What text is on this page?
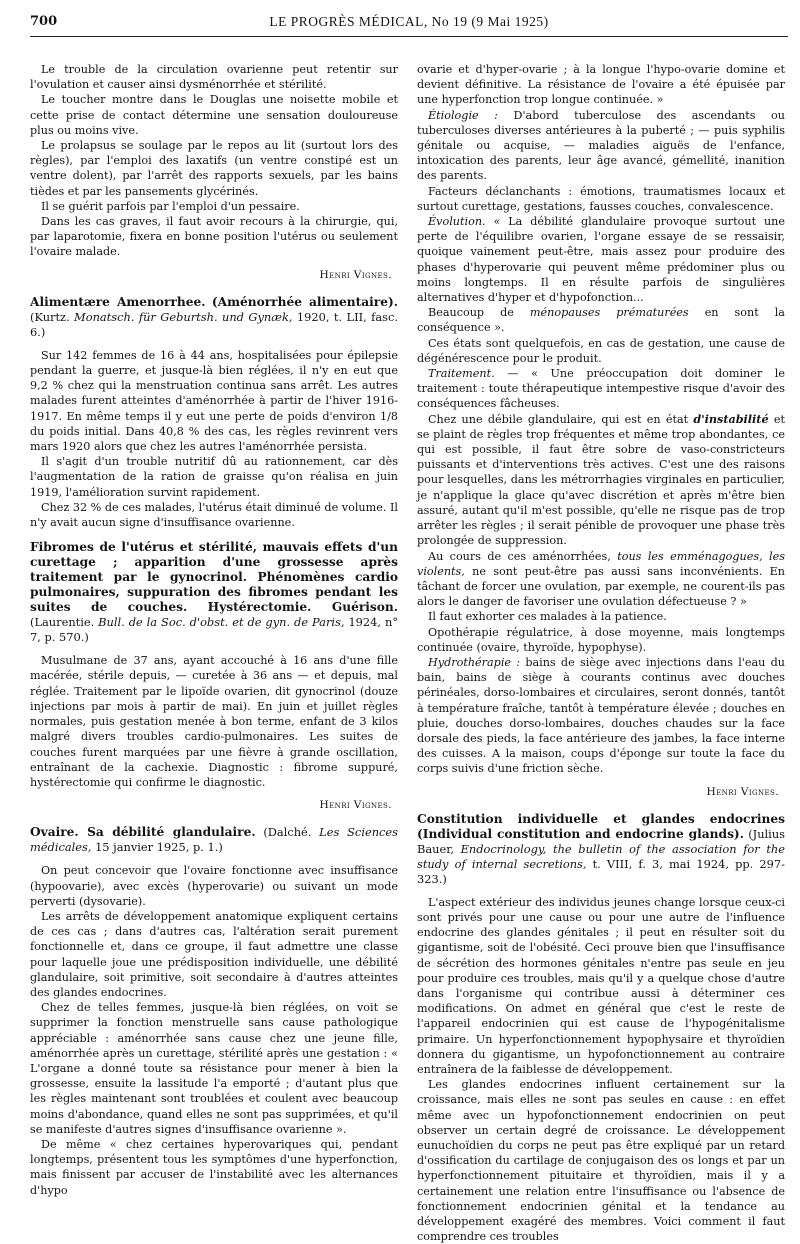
700	LE PROGRÈS MÉDICAL, No 19 (9 Mai 1925)

Le trouble de la circulation ovarienne peut retentir sur l'ovulation et causer ainsi dysménorrhée et stérilité.

Le toucher montre dans le Douglas une noisette mobile et cette prise de contact détermine une sensation douloureuse plus ou moins vive.

Le prolapsus se soulage par le repos au lit (surtout lors des règles), par l'emploi des laxatifs (un ventre constipé est un ventre dolent), par l'arrêt des rapports sexuels, par les bains tièdes et par les pansements glycérinés.

Il se guérit parfois par l'emploi d'un pessaire.

Dans les cas graves, il faut avoir recours à la chirurgie, qui, par laparotomie, fixera en bonne position l'utérus ou seulement l'ovaire malade.

Henri Vignes.
Alimentære Amenorrhee. (Aménorrhée alimentaire). (Kurtz. Monatsch. für Geburtsh. und Gynæk, 1920, t. LII, fasc. 6.)

Sur 142 femmes de 16 à 44 ans, hospitalisées pour épilepsie pendant la guerre, et jusque-là bien réglées, il n'y en eut que 9,2 % chez qui la menstruation continua sans arrêt. Les autres malades furent atteintes d'aménorrhée à partir de l'hiver 1916-1917. En même temps il y eut une perte de poids d'environ 1/8 du poids initial. Dans 40,8 % des cas, les règles revinrent vers mars 1920 alors que chez les autres l'aménorrhée persista.

Il s'agit d'un trouble nutritif dû au rationnement, car dès l'augmentation de la ration de graisse qu'on réalisa en juin 1919, l'amélioration survint rapidement.

Chez 32 % de ces malades, l'utérus était diminué de volume. Il n'y avait aucun signe d'insuffisance ovarienne.

Fibromes de l'utérus et stérilité, mauvais effets d'un curettage ; apparition d'une grossesse après traitement par le gynocrinol. Phénomènes cardio pulmonaires, suppuration des fibromes pendant les suites de couches. Hystérectomie. Guérison. (Laurentie. Bull. de la Soc. d'obst. et de gyn. de Paris, 1924, n° 7, p. 570.)

Musulmane de 37 ans, ayant accouché à 16 ans d'une fille macérée, stérile depuis, — curetée à 36 ans — et depuis, mal réglée. Traitement par le lipoïde ovarien, dit gynocrinol (douze injections par mois à partir de mai). En juin et juillet règles normales, puis gestation menée à bon terme, enfant de 3 kilos malgré divers troubles cardio-pulmonaires. Les suites de couches furent marquées par une fièvre à grande oscillation, entraînant de la cachexie. Diagnostic : fibrome suppuré, hystérectomie qui confirme le diagnostic.

Henri Vignes.
Ovaire. Sa débilité glandulaire. (Dalché. Les Sciences médicales, 15 janvier 1925, p. 1.)

On peut concevoir que l'ovaire fonctionne avec insuffisance (hypoovarie), avec excès (hyperovarie) ou suivant un mode perverti (dysovarie).

Les arrêts de développement anatomique expliquent certains de ces cas ; dans d'autres cas, l'altération serait purement fonctionnelle et, dans ce groupe, il faut admettre une classe pour laquelle joue une prédisposition individuelle, une débilité glandulaire, soit primitive, soit secondaire à d'autres atteintes des glandes endocrines.

Chez de telles femmes, jusque-là bien réglées, on voit se supprimer la fonction menstruelle sans cause pathologique appréciable : aménorrhée sans cause chez une jeune fille, aménorrhée après un curettage, stérilité après une gestation : « L'organe a donné toute sa résistance pour mener à bien la grossesse, ensuite la lassitude l'a emporté ; d'autant plus que les règles maintenant sont troublées et coulent avec beaucoup moins d'abondance, quand elles ne sont pas supprimées, et qu'il se manifeste d'autres signes d'insuffisance ovarienne ».

De même « chez certaines hyperovariques qui, pendant longtemps, présentent tous les symptômes d'une hyperfonction, mais finissent par accuser de l'instabilité avec les alternances d'hypo

ovarie et d'hyper-ovarie ; à la longue l'hypo-ovarie domine et devient définitive. La résistance de l'ovaire a été épuisée par une hyperfonction trop longue continuée. »

Étiologie : D'abord tuberculose des ascendants ou tuberculoses diverses antérieures à la puberté ; — puis syphilis génitale ou acquise, — maladies aiguës de l'enfance, intoxication des parents, leur âge avancé, gémellité, inanition des parents.

Facteurs déclanchants : émotions, traumatismes locaux et surtout curettage, gestations, fausses couches, convalescence.

Évolution. « La débilité glandulaire provoque surtout une perte de l'équilibre ovarien, l'organe essaye de se ressaisir, quoique vainement peut-être, mais assez pour produire des phases d'hyperovarie qui peuvent même prédominer plus ou moins longtemps. Il en résulte parfois de singulières alternatives d'hyper et d'hypofonction...

Beaucoup de ménopauses prématurées en sont la conséquence ».

Ces états sont quelquefois, en cas de gestation, une cause de dégénérescence pour le produit.

Traitement. — « Une préoccupation doit dominer le traitement : toute thérapeutique intempestive risque d'avoir des conséquences fâcheuses.

Chez une débile glandulaire, qui est en état d'instabilité et se plaint de règles trop fréquentes et même trop abondantes, ce qui est possible, il faut être sobre de vaso-constricteurs puissants et d'interventions très actives. C'est une des raisons pour lesquelles, dans les métrorrhagies virginales en particulier, je n'applique la glace qu'avec discrétion et après m'être bien assuré, autant qu'il m'est possible, qu'elle ne risque pas de trop arrêter les règles ; il serait pénible de provoquer une phase très prolongée de suppression.

Au cours de ces aménorrhées, tous les emménagogues, les violents, ne sont peut-être pas aussi sans inconvénients. En tâchant de forcer une ovulation, par exemple, ne courent-ils pas alors le danger de favoriser une ovulation défectueuse ? »

Il faut exhorter ces malades à la patience.

Opothérapie régulatrice, à dose moyenne, mais longtemps continuée (ovaire, thyroïde, hypophyse).

Hydrothérapie : bains de siège avec injections dans l'eau du bain, bains de siège à courants continus avec douches périnéales, dorso-lombaires et circulaires, seront donnés, tantôt à température fraîche, tantôt à température élevée ; douches en pluie, douches dorso-lombaires, douches chaudes sur la face dorsale des pieds, la face antérieure des jambes, la face interne des cuisses. A la maison, coups d'éponge sur toute la face du corps suivis d'une friction sèche.

Henri Vignes.
Constitution individuelle et glandes endocrines (Individual constitution and endocrine glands). (Julius Bauer, Endocrinology, the bulletin of the association for the study of internal secretions, t. VIII, f. 3, mai 1924, pp. 297-323.)

L'aspect extérieur des individus jeunes change lorsque ceux-ci sont privés pour une cause ou pour une autre de l'influence endocrine des glandes génitales ; il peut en résulter soit du gigantisme, soit de l'obésité. Ceci prouve bien que l'insuffisance de sécrétion des hormones génitales n'entre pas seule en jeu pour produire ces troubles, mais qu'il y a quelque chose d'autre dans l'organisme qui contribue aussi à déterminer ces modifications. On admet en général que c'est le reste de l'appareil endocrinien qui est cause de l'hypogénitalisme primaire. Un hyperfonctionnement hypophysaire et thyroïdien donnera du gigantisme, un hypofonctionnement au contraire entraînera de la faiblesse de développement.

Les glandes endocrines influent certainement sur la croissance, mais elles ne sont pas seules en cause : en effet même avec un hypofonctionnement endocrinien on peut observer un certain degré de croissance. Le développement eunuchoïdien du corps ne peut pas être expliqué par un retard d'ossification du cartilage de conjugaison des os longs et par un hyperfonctionnement pituitaire et thyroïdien, mais il y a certainement une relation entre l'insuffisance ou l'absence de fonctionnement endocrinien génital et la tendance au développement exagéré des membres. Voici comment il faut comprendre ces troubles
